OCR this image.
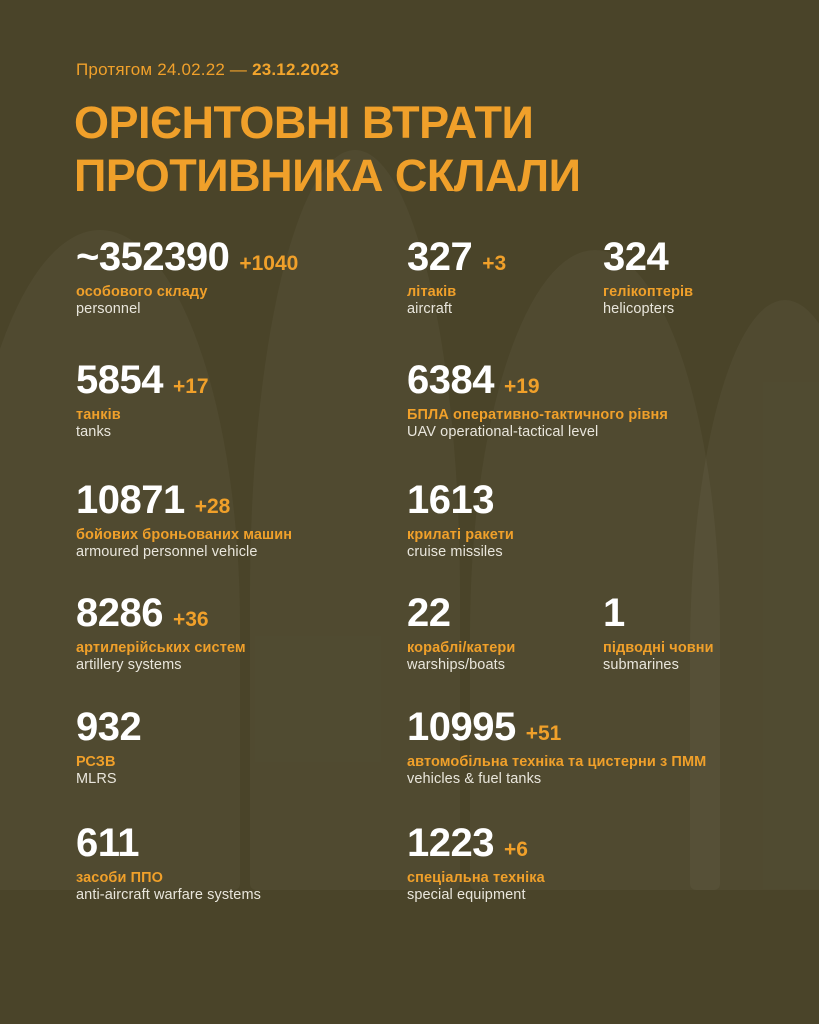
Протягом 24.02.22 — 23.12.2023
ОРІЄНТОВНІ ВТРАТИ
ПРОТИВНИКА СКЛАЛИ
~352390 +1040
особового складу
personnel
327 +3
літаків
aircraft
324
гелікоптерів
helicopters
5854 +17
танків
tanks
6384 +19
БПЛА оперативно-тактичного рівня
UAV operational-tactical level
10871 +28
бойових броньованих машин
armoured personnel vehicle
1613
крилаті ракети
cruise missiles
8286 +36
артилерійських систем
artillery systems
22
кораблі/катери
warships/boats
1
підводні човни
submarines
932
РСЗВ
MLRS
10995 +51
автомобільна техніка та цистерни з ПММ
vehicles & fuel tanks
611
засоби ППО
anti-aircraft warfare systems
1223 +6
спеціальна техніка
special equipment
